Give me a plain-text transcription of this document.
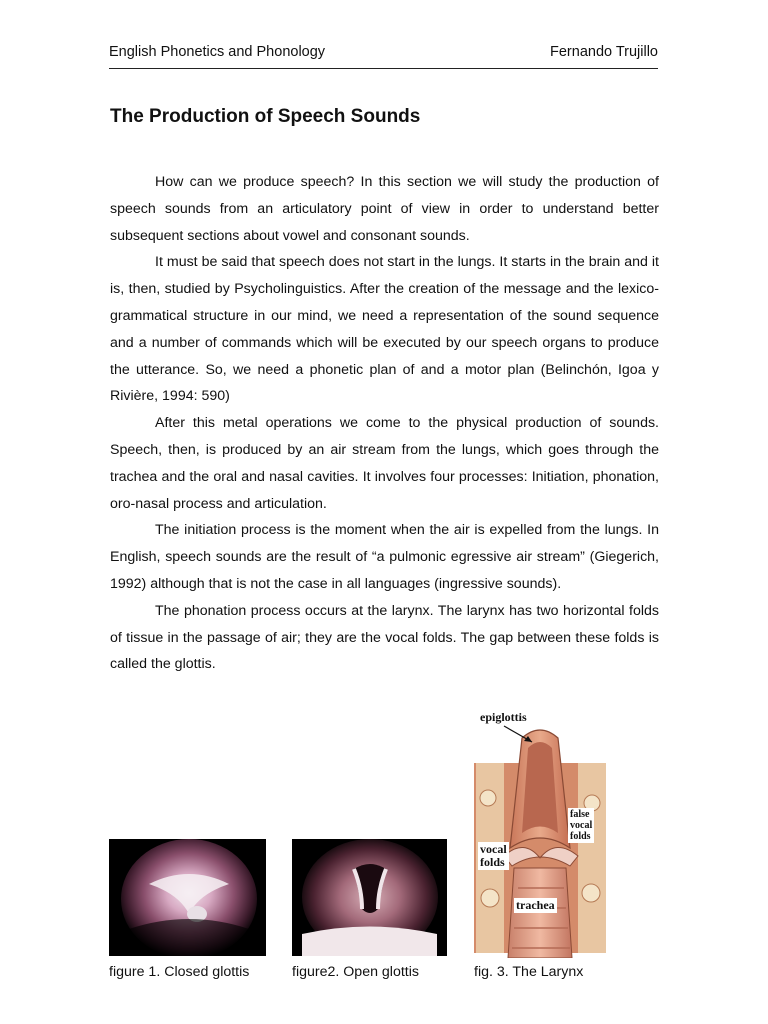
English Phonetics and Phonology	Fernando Trujillo
The Production of Speech Sounds

How can we produce speech? In this section we will study the production of speech sounds from an articulatory point of view in order to understand better subsequent sections about vowel and consonant sounds.

It must be said that speech does not start in the lungs. It starts in the brain and it is, then, studied by Psycholinguistics. After the creation of the message and the lexico-grammatical structure in our mind, we need a representation of the sound sequence and a number of commands which will be executed by our speech organs to produce the utterance. So, we need a phonetic plan of and a motor plan (Belinchón, Igoa y Rivière, 1994: 590)

After this metal operations we come to the physical production of sounds. Speech, then, is produced by an air stream from the lungs, which goes through the trachea and the oral and nasal cavities. It involves four processes: Initiation, phonation, oro-nasal process and articulation.

The initiation process is the moment when the air is expelled from the lungs. In English, speech sounds are the result of “a pulmonic egressive air stream” (Giegerich, 1992) although that is not the case in all languages (ingressive sounds).

The phonation process occurs at the larynx. The larynx has two horizontal folds of tissue in the passage of air; they are the vocal folds. The gap between these folds is called the glottis.

figure 1. Closed glottis	figure2. Open glottis
epiglottis
false
vocal
folds
vocal
folds
trachea
fig. 3. The Larynx
